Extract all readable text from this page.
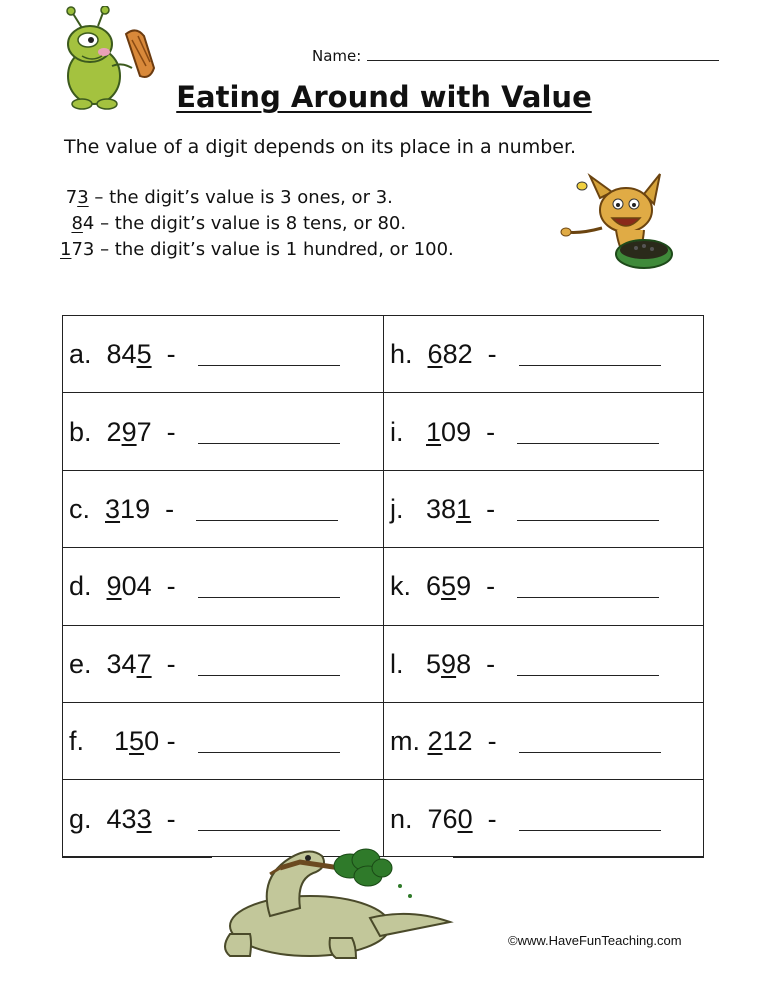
Name:
Eating Around with Value
The value of a digit depends on its place in a number.
73 – the digit’s value is 3 ones, or 3.
84 – the digit’s value is 8 tens, or 80.
173 – the digit’s value is 1 hundred, or 100.
a. 84 5 -	h. 6 82 -
b. 2 9 7 -	i. 1 09 -
c. 3 19 -	j. 38 1 -
d. 9 04 -	k. 6 5 9 -
e. 34 7 -	l. 5 9 8 -
f. 1 5 0 -	m. 2 12 -
g. 43 3 -	n. 76 0 -
©www.HaveFunTeaching.com
